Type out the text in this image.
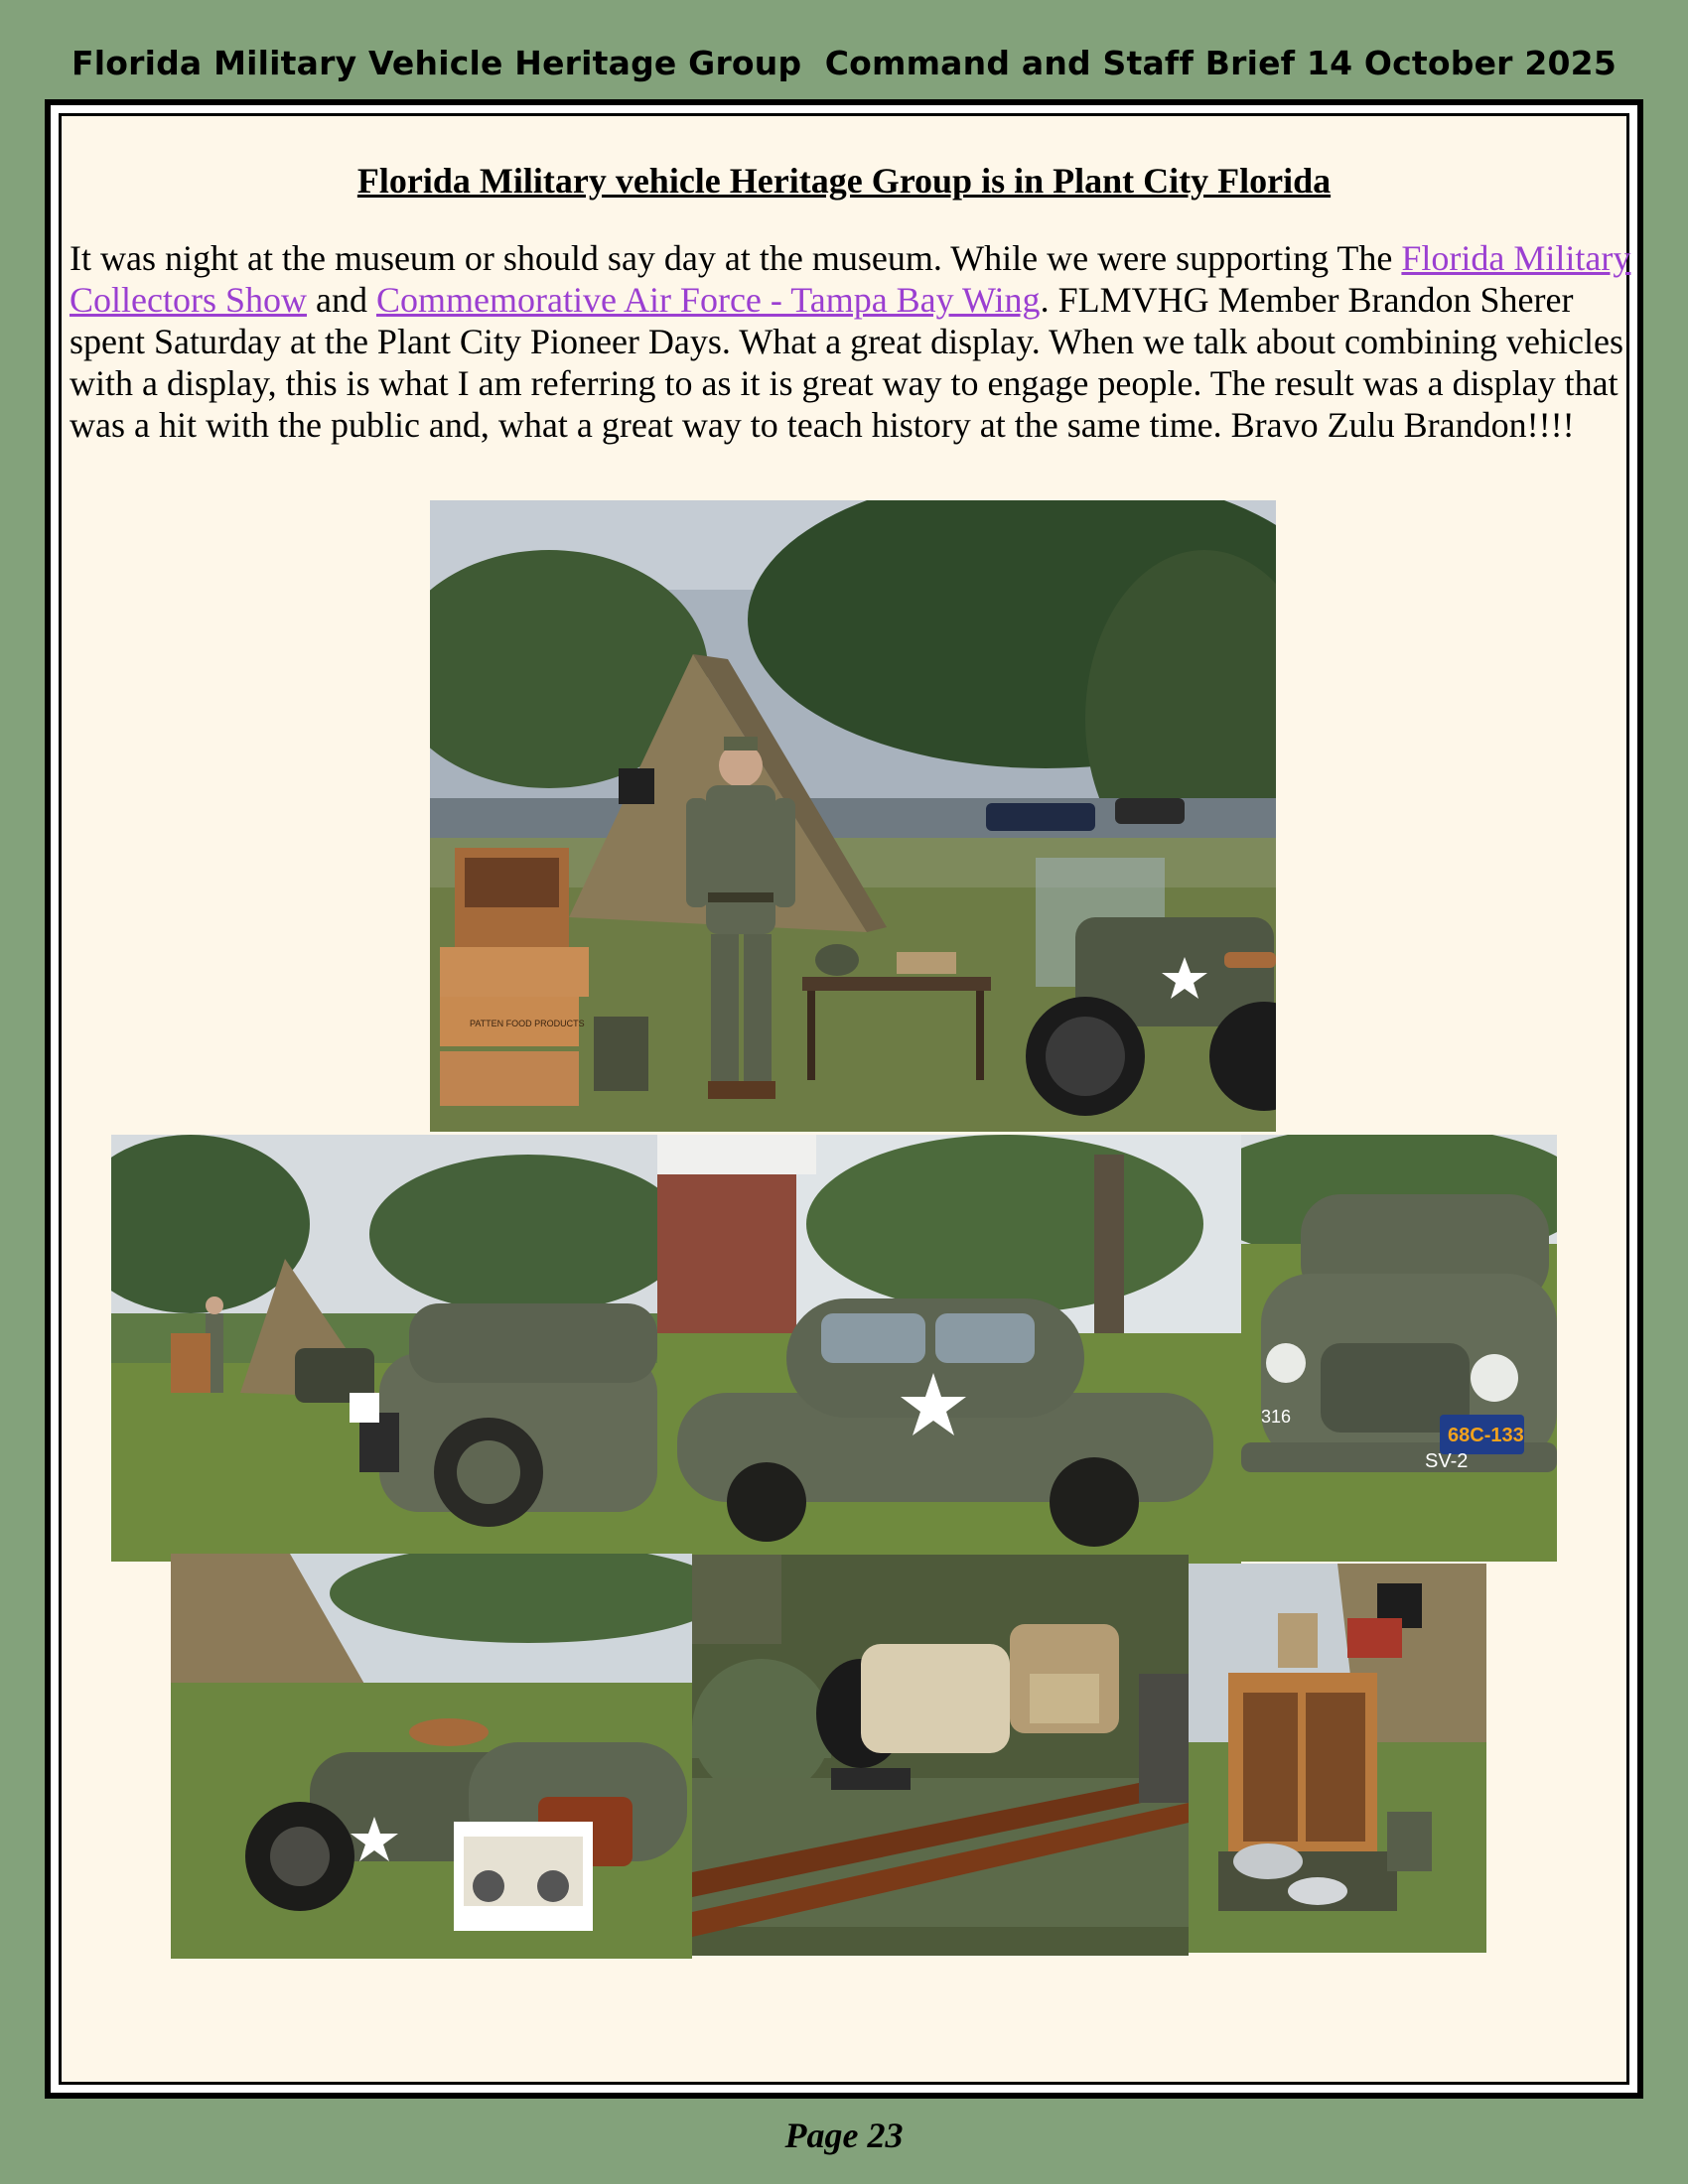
Florida Military Vehicle Heritage Group Command and Staff Brief 14 October 2025
Florida Military vehicle Heritage Group is in Plant City Florida
It was night at the museum or should say day at the museum. While we were supporting The Florida Military Collectors Show and Commemorative Air Force - Tampa Bay Wing. FLMVHG Member Brandon Sherer spent Saturday at the Plant City Pioneer Days. What a great display. When we talk about combining vehicles with a display, this is what I am referring to as it is great way to engage people. The result was a display that was a hit with the public and, what a great way to teach history at the same time. Bravo Zulu Brandon!!!!
PATTEN FOOD PRODUCTS
68C-133
316
SV-2
Page 23
